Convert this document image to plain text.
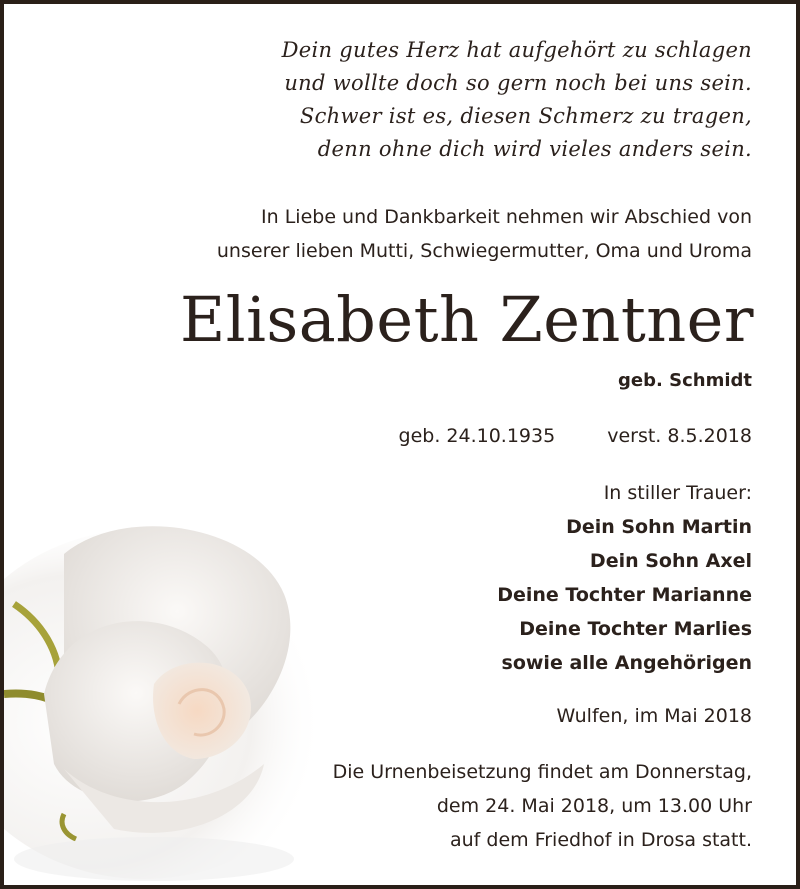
Dein gutes Herz hat aufgehört zu schlagen
und wollte doch so gern noch bei uns sein.
Schwer ist es, diesen Schmerz zu tragen,
denn ohne dich wird vieles anders sein.
In Liebe und Dankbarkeit nehmen wir Abschied von
unserer lieben Mutti, Schwiegermutter, Oma und Uroma
Elisabeth Zentner
geb. Schmidt
geb. 24.10.1935	verst. 8.5.2018
In stiller Trauer:
Dein Sohn Martin
Dein Sohn Axel
Deine Tochter Marianne
Deine Tochter Marlies
sowie alle Angehörigen
Wulfen, im Mai 2018
Die Urnenbeisetzung findet am Donnerstag,
dem 24. Mai 2018, um 13.00 Uhr
auf dem Friedhof in Drosa statt.
